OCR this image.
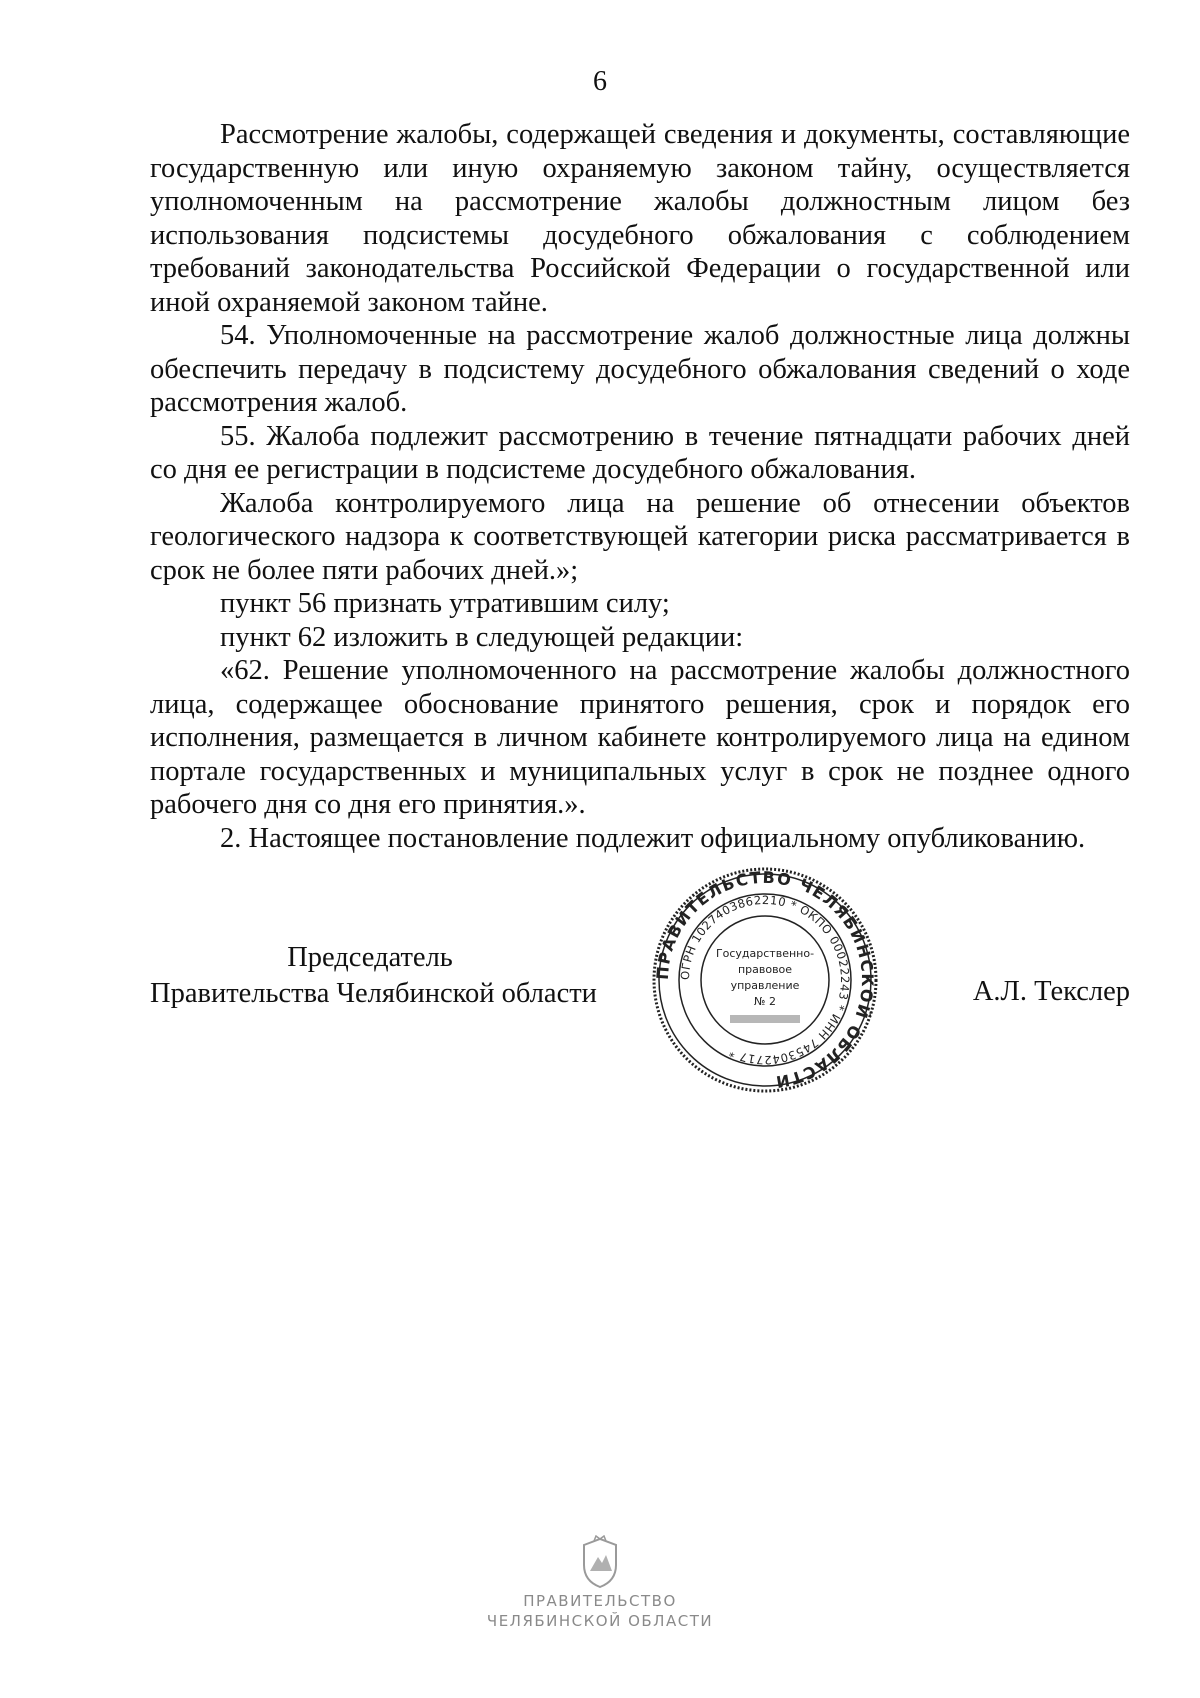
6

Рассмотрение жалобы, содержащей сведения и документы, составляющие государственную или иную охраняемую законом тайну, осуществляется уполномоченным на рассмотрение жалобы должностным лицом без использования подсистемы досудебного обжалования с соблюдением требований законодательства Российской Федерации о государственной или иной охраняемой законом тайне.

54. Уполномоченные на рассмотрение жалоб должностные лица должны обеспечить передачу в подсистему досудебного обжалования сведений о ходе рассмотрения жалоб.

55. Жалоба подлежит рассмотрению в течение пятнадцати рабочих дней со дня ее регистрации в подсистеме досудебного обжалования.

Жалоба контролируемого лица на решение об отнесении объектов геологического надзора к соответствующей категории риска рассматривается в срок не более пяти рабочих дней.»;

пункт 56 признать утратившим силу;

пункт 62 изложить в следующей редакции:

«62. Решение уполномоченного на рассмотрение жалобы должностного лица, содержащее обоснование принятого решения, срок и порядок его исполнения, размещается в личном кабинете контролируемого лица на едином портале государственных и муниципальных услуг в срок не позднее одного рабочего дня со дня его принятия.».

2. Настоящее постановление подлежит официальному опубликованию.

Председатель
Правительства Челябинской области
ПРАВИТЕЛЬСТВО ЧЕЛЯБИНСКОЙ ОБЛАСТИ
ОГРН 1027403862210 * ОКПО 00022243 * ИНН 7453042717 *
Государственно-
правовое
управление
№ 2	А.Л. Текслер
ПРАВИТЕЛЬСТВО
ЧЕЛЯБИНСКОЙ ОБЛАСТИ
